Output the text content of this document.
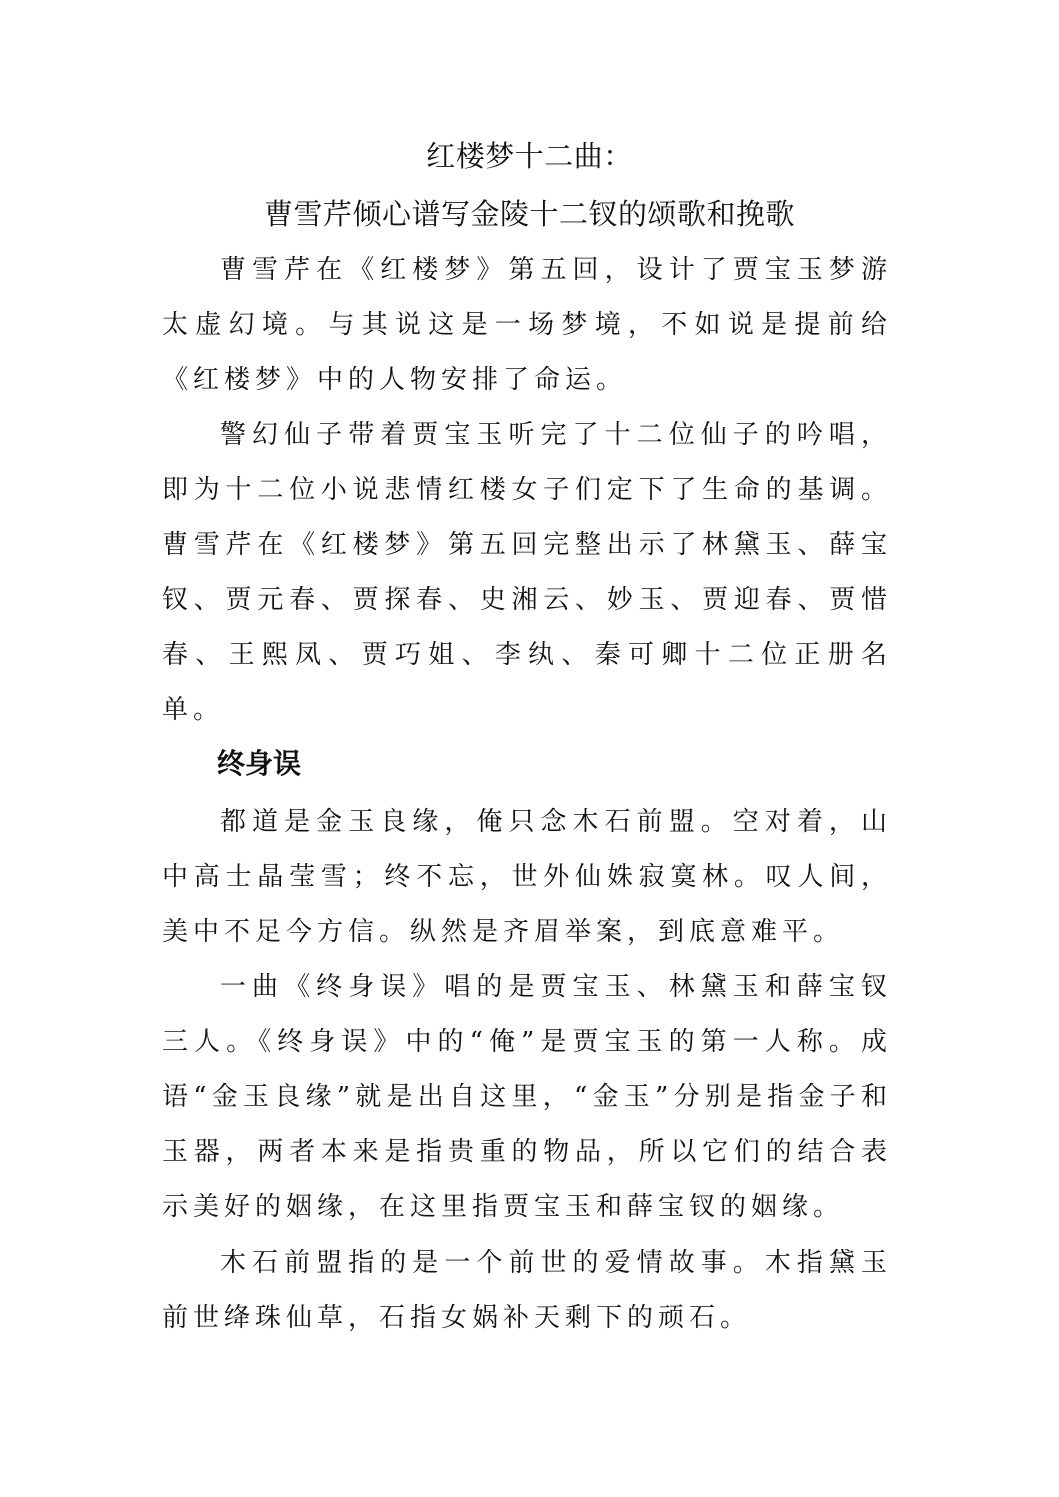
红楼梦十二曲：
曹雪芹倾心谱写金陵十二钗的颂歌和挽歌

曹雪芹在《红楼梦》第五回，设计了贾宝玉梦游太虚幻境。与其说这是一场梦境，不如说是提前给《红楼梦》中的人物安排了命运。

警幻仙子带着贾宝玉听完了十二位仙子的吟唱，即为十二位小说悲情红楼女子们定下了生命的基调。曹雪芹在《红楼梦》第五回完整出示了林黛玉、薛宝钗、贾元春、贾探春、史湘云、妙玉、贾迎春、贾惜春、王熙凤、贾巧姐、李纨、秦可卿十二位正册名单。

终身误

都道是金玉良缘，俺只念木石前盟。空对着，山中高士晶莹雪；终不忘，世外仙姝寂寞林。叹人间，美中不足今方信。纵然是齐眉举案，到底意难平。

一曲《终身误》唱的是贾宝玉、林黛玉和薛宝钗三人。《终身误》中的“俺”是贾宝玉的第一人称。成语“金玉良缘”就是出自这里，“金玉”分别是指金子和玉器，两者本来是指贵重的物品，所以它们的结合表示美好的姻缘，在这里指贾宝玉和薛宝钗的姻缘。

木石前盟指的是一个前世的爱情故事。木指黛玉前世绛珠仙草，石指女娲补天剩下的顽石。
